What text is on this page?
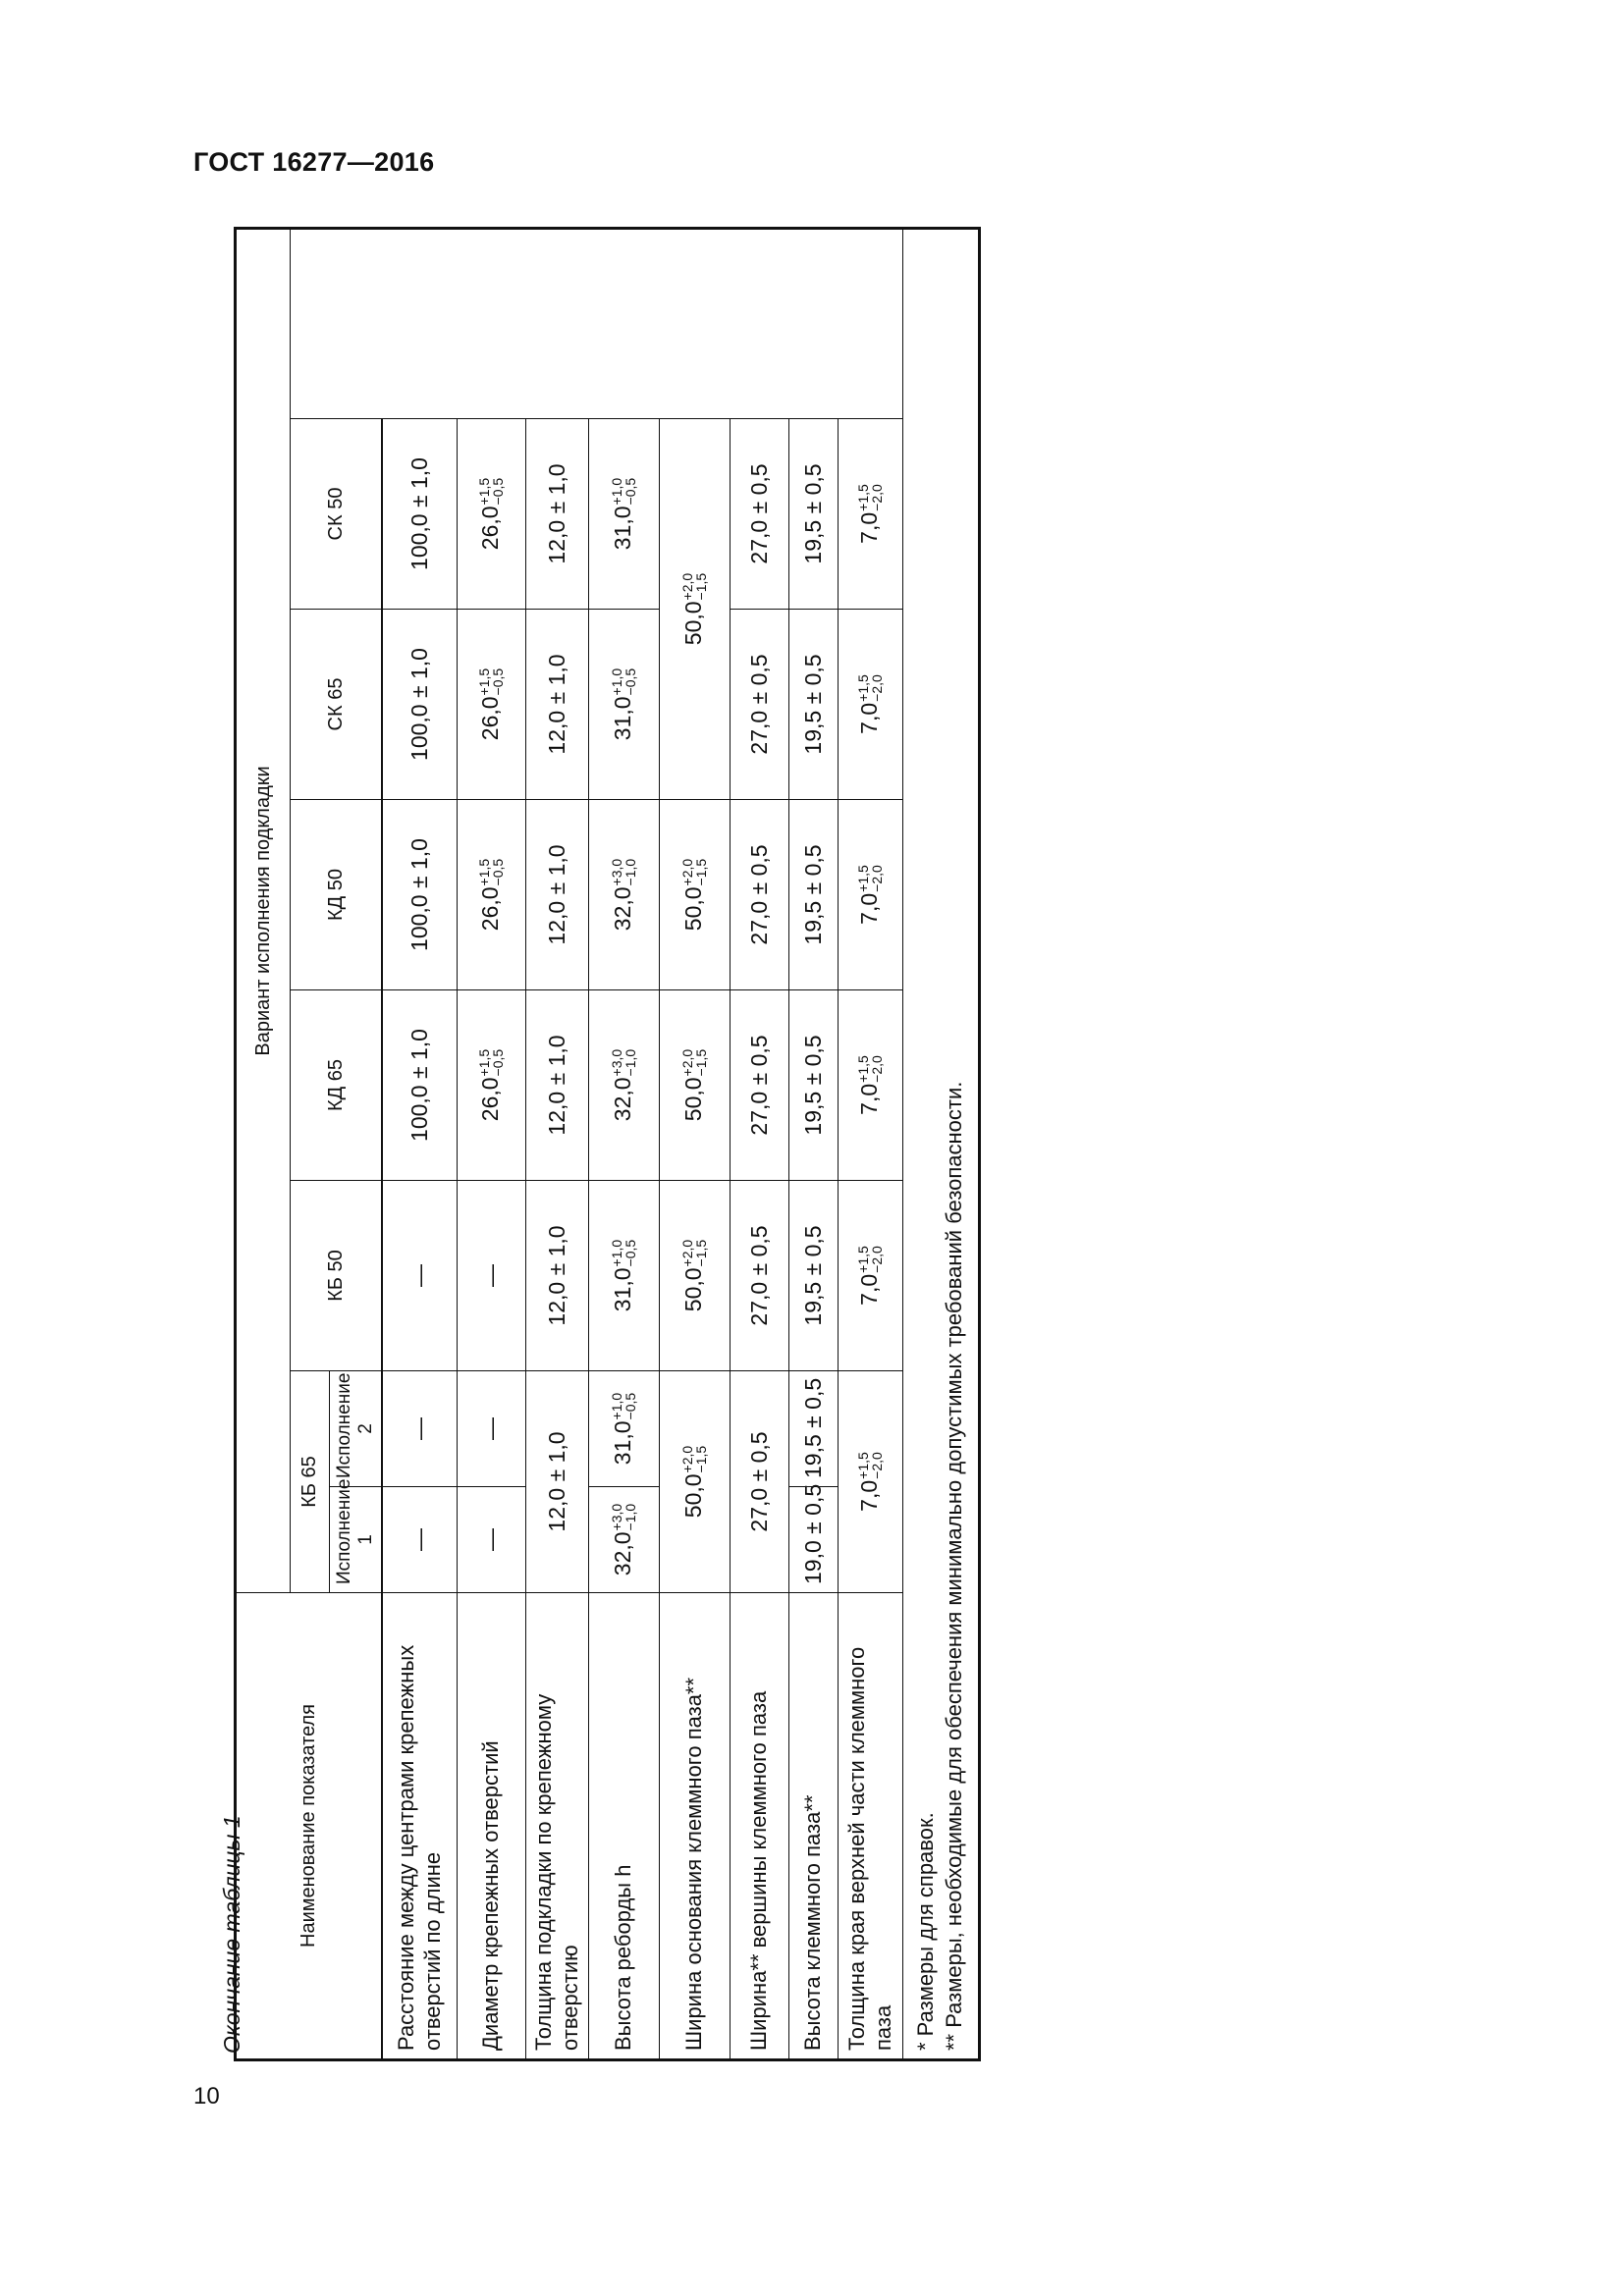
ГОСТ 16277—2016
10
Окончание таблицы 1	Наименование показателя	Вариант исполнения подкладки						
	КБ 65		КБ 50	КД 65	КД 50	СК 65	СК 50
	Исполнение 1	Исполнение 2					
Расстояние между центрами крепежных отверстий по длине	—	—	—	100,0 ± 1,0	100,0 ± 1,0	100,0 ± 1,0	100,0 ± 1,0
Диаметр крепежных отверстий	—	—	—	26,0
+1,5
−0,5	26,0
+1,5
−0,5	26,0
+1,5
−0,5	26,0
+1,5
−0,5

Толщина подкладки по крепежному отверстию	12,0 ± 1,0		12,0 ± 1,0	12,0 ± 1,0	12,0 ± 1,0	12,0 ± 1,0	12,0 ± 1,0
Высота реборды h	32,0
+3,0
−1,0	31,0
+1,0
−0,5	31,0
+1,0
−0,5	32,0
+3,0
−1,0	32,0
+3,0
−1,0	31,0
+1,0
−0,5	31,0
+1,0
−0,5

Ширина основания клеммного паза**	50,0
+2,0
−1,5		50,0
+2,0
−1,5	50,0
+2,0
−1,5	50,0
+2,0
−1,5	50,0
+2,0
−1,5	

Ширина** вершины клеммного паза	27,0 ± 0,5		27,0 ± 0,5	27,0 ± 0,5	27,0 ± 0,5	27,0 ± 0,5	27,0 ± 0,5
Высота клеммного паза**	19,0 ± 0,5	19,5 ± 0,5	19,5 ± 0,5	19,5 ± 0,5	19,5 ± 0,5	19,5 ± 0,5	19,5 ± 0,5
Толщина края верхней части клеммного паза	7,0
+1,5
−2,0		7,0
+1,5
−2,0	7,0
+1,5
−2,0	7,0
+1,5
−2,0	7,0
+1,5
−2,0	7,0
+1,5
−2,0

* Размеры для справок. ** Размеры, необходимые для обеспечения минимально допустимых требований безопасности.							
